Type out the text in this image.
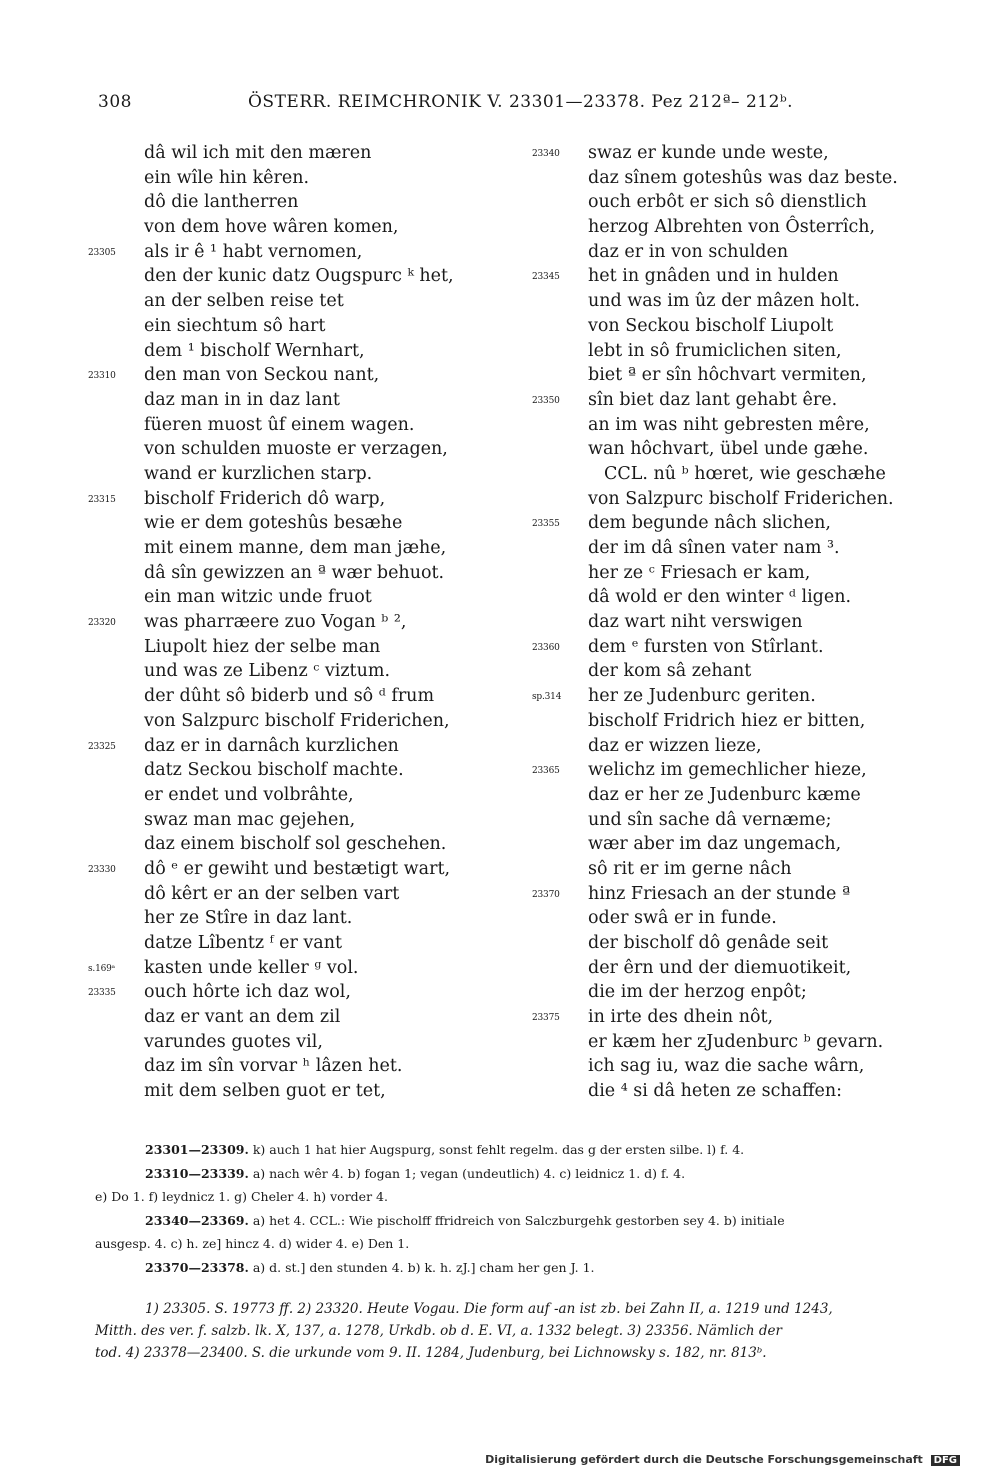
308	ÖSTERR. REIMCHRONIK V. 23301—23378. Pez 212ª– 212ᵇ.
dâ wil ich mit den mæren
ein wîle hin kêren.
dô die lantherren
von dem hove wâren komen,
23305	als ir ê ¹ habt vernomen,
den der kunic datz Ougspurc ᵏ het,
an der selben reise tet
ein siechtum sô hart
dem ¹ bischolf Wernhart,
23310	den man von Seckou nant,
daz man in in daz lant
füeren muost ûf einem wagen.
von schulden muoste er verzagen,
wand er kurzlichen starp.
23315	bischolf Friderich dô warp,
wie er dem goteshûs besæhe
mit einem manne, dem man jæhe,
dâ sîn gewizzen an ª wær behuot.
ein man witzic unde fruot
23320	was pharræere zuo Vogan ᵇ ²,
Liupolt hiez der selbe man
und was ze Libenz ᶜ viztum.
der dûht sô biderb und sô ᵈ frum
von Salzpurc bischolf Friderichen,
23325	daz er in darnâch kurzlichen
datz Seckou bischolf machte.
er endet und volbrâhte,
swaz man mac gejehen,
daz einem bischolf sol geschehen.
23330	dô ᵉ er gewiht und bestætigt wart,
dô kêrt er an der selben vart
her ze Stîre in daz lant.
datze Lîbentz ᶠ er vant
s.169ᵃ	kasten unde keller ᵍ vol.
23335	ouch hôrte ich daz wol,
daz er vant an dem zil
varundes guotes vil,
daz im sîn vorvar ʰ lâzen het.
mit dem selben guot er tet,
23340	swaz er kunde unde weste,
daz sînem goteshûs was daz beste.
ouch erbôt er sich sô dienstlich
herzog Albrehten von Ôsterrîch,
daz er in von schulden
23345	het in gnâden und in hulden
und was im ûz der mâzen holt.
von Seckou bischolf Liupolt
lebt in sô frumiclichen siten,
biet ª er sîn hôchvart vermiten,
23350	sîn biet daz lant gehabt êre.
an im was niht gebresten mêre,
wan hôchvart, übel unde gæhe.
CCL. nû ᵇ hœret, wie geschæhe
von Salzpurc bischolf Friderichen.
23355	dem begunde nâch slichen,
der im dâ sînen vater nam ³.
her ze ᶜ Friesach er kam,
dâ wold er den winter ᵈ ligen.
daz wart niht verswigen
23360	dem ᵉ fursten von Stîrlant.
der kom sâ zehant
sp.314	her ze Judenburc geriten.
bischolf Fridrich hiez er bitten,
daz er wizzen lieze,
23365	welichz im gemechlicher hieze,
daz er her ze Judenburc kæme
und sîn sache dâ vernæme;
wær aber im daz ungemach,
sô rit er im gerne nâch
23370	hinz Friesach an der stunde ª
oder swâ er in funde.
der bischolf dô genâde seit
der êrn und der diemuotikeit,
die im der herzog enpôt;
23375	in irte des dhein nôt,
er kæm her zJudenburc ᵇ gevarn.
ich sag iu, waz die sache wârn,
die ⁴ si dâ heten ze schaffen:
23301—23309. k) auch 1 hat hier Augspurg, sonst fehlt regelm. das g der ersten silbe. l) f. 4.
23310—23339. a) nach wêr 4. b) fogan 1; vegan (undeutlich) 4. c) leidnicz 1. d) f. 4.
e) Do 1. f) leydnicz 1. g) Cheler 4. h) vorder 4.
23340—23369. a) het 4. CCL.: Wie pischolff ffridreich von Salczburgehk gestorben sey 4. b) initiale
ausgesp. 4. c) h. ze] hincz 4. d) wider 4. e) Den 1.
23370—23378. a) d. st.] den stunden 4. b) k. h. zJ.] cham her gen J. 1.
1) 23305. S. 19773 ff. 2) 23320. Heute Vogau. Die form auf -an ist zb. bei Zahn II, a. 1219 und 1243,
Mitth. des ver. f. salzb. lk. X, 137, a. 1278, Urkdb. ob d. E. VI, a. 1332 belegt. 3) 23356. Nämlich der
tod. 4) 23378—23400. S. die urkunde vom 9. II. 1284, Judenburg, bei Lichnowsky s. 182, nr. 813ᵇ.
Digitalisierung gefördert durch die Deutsche Forschungsgemeinschaft DFG
